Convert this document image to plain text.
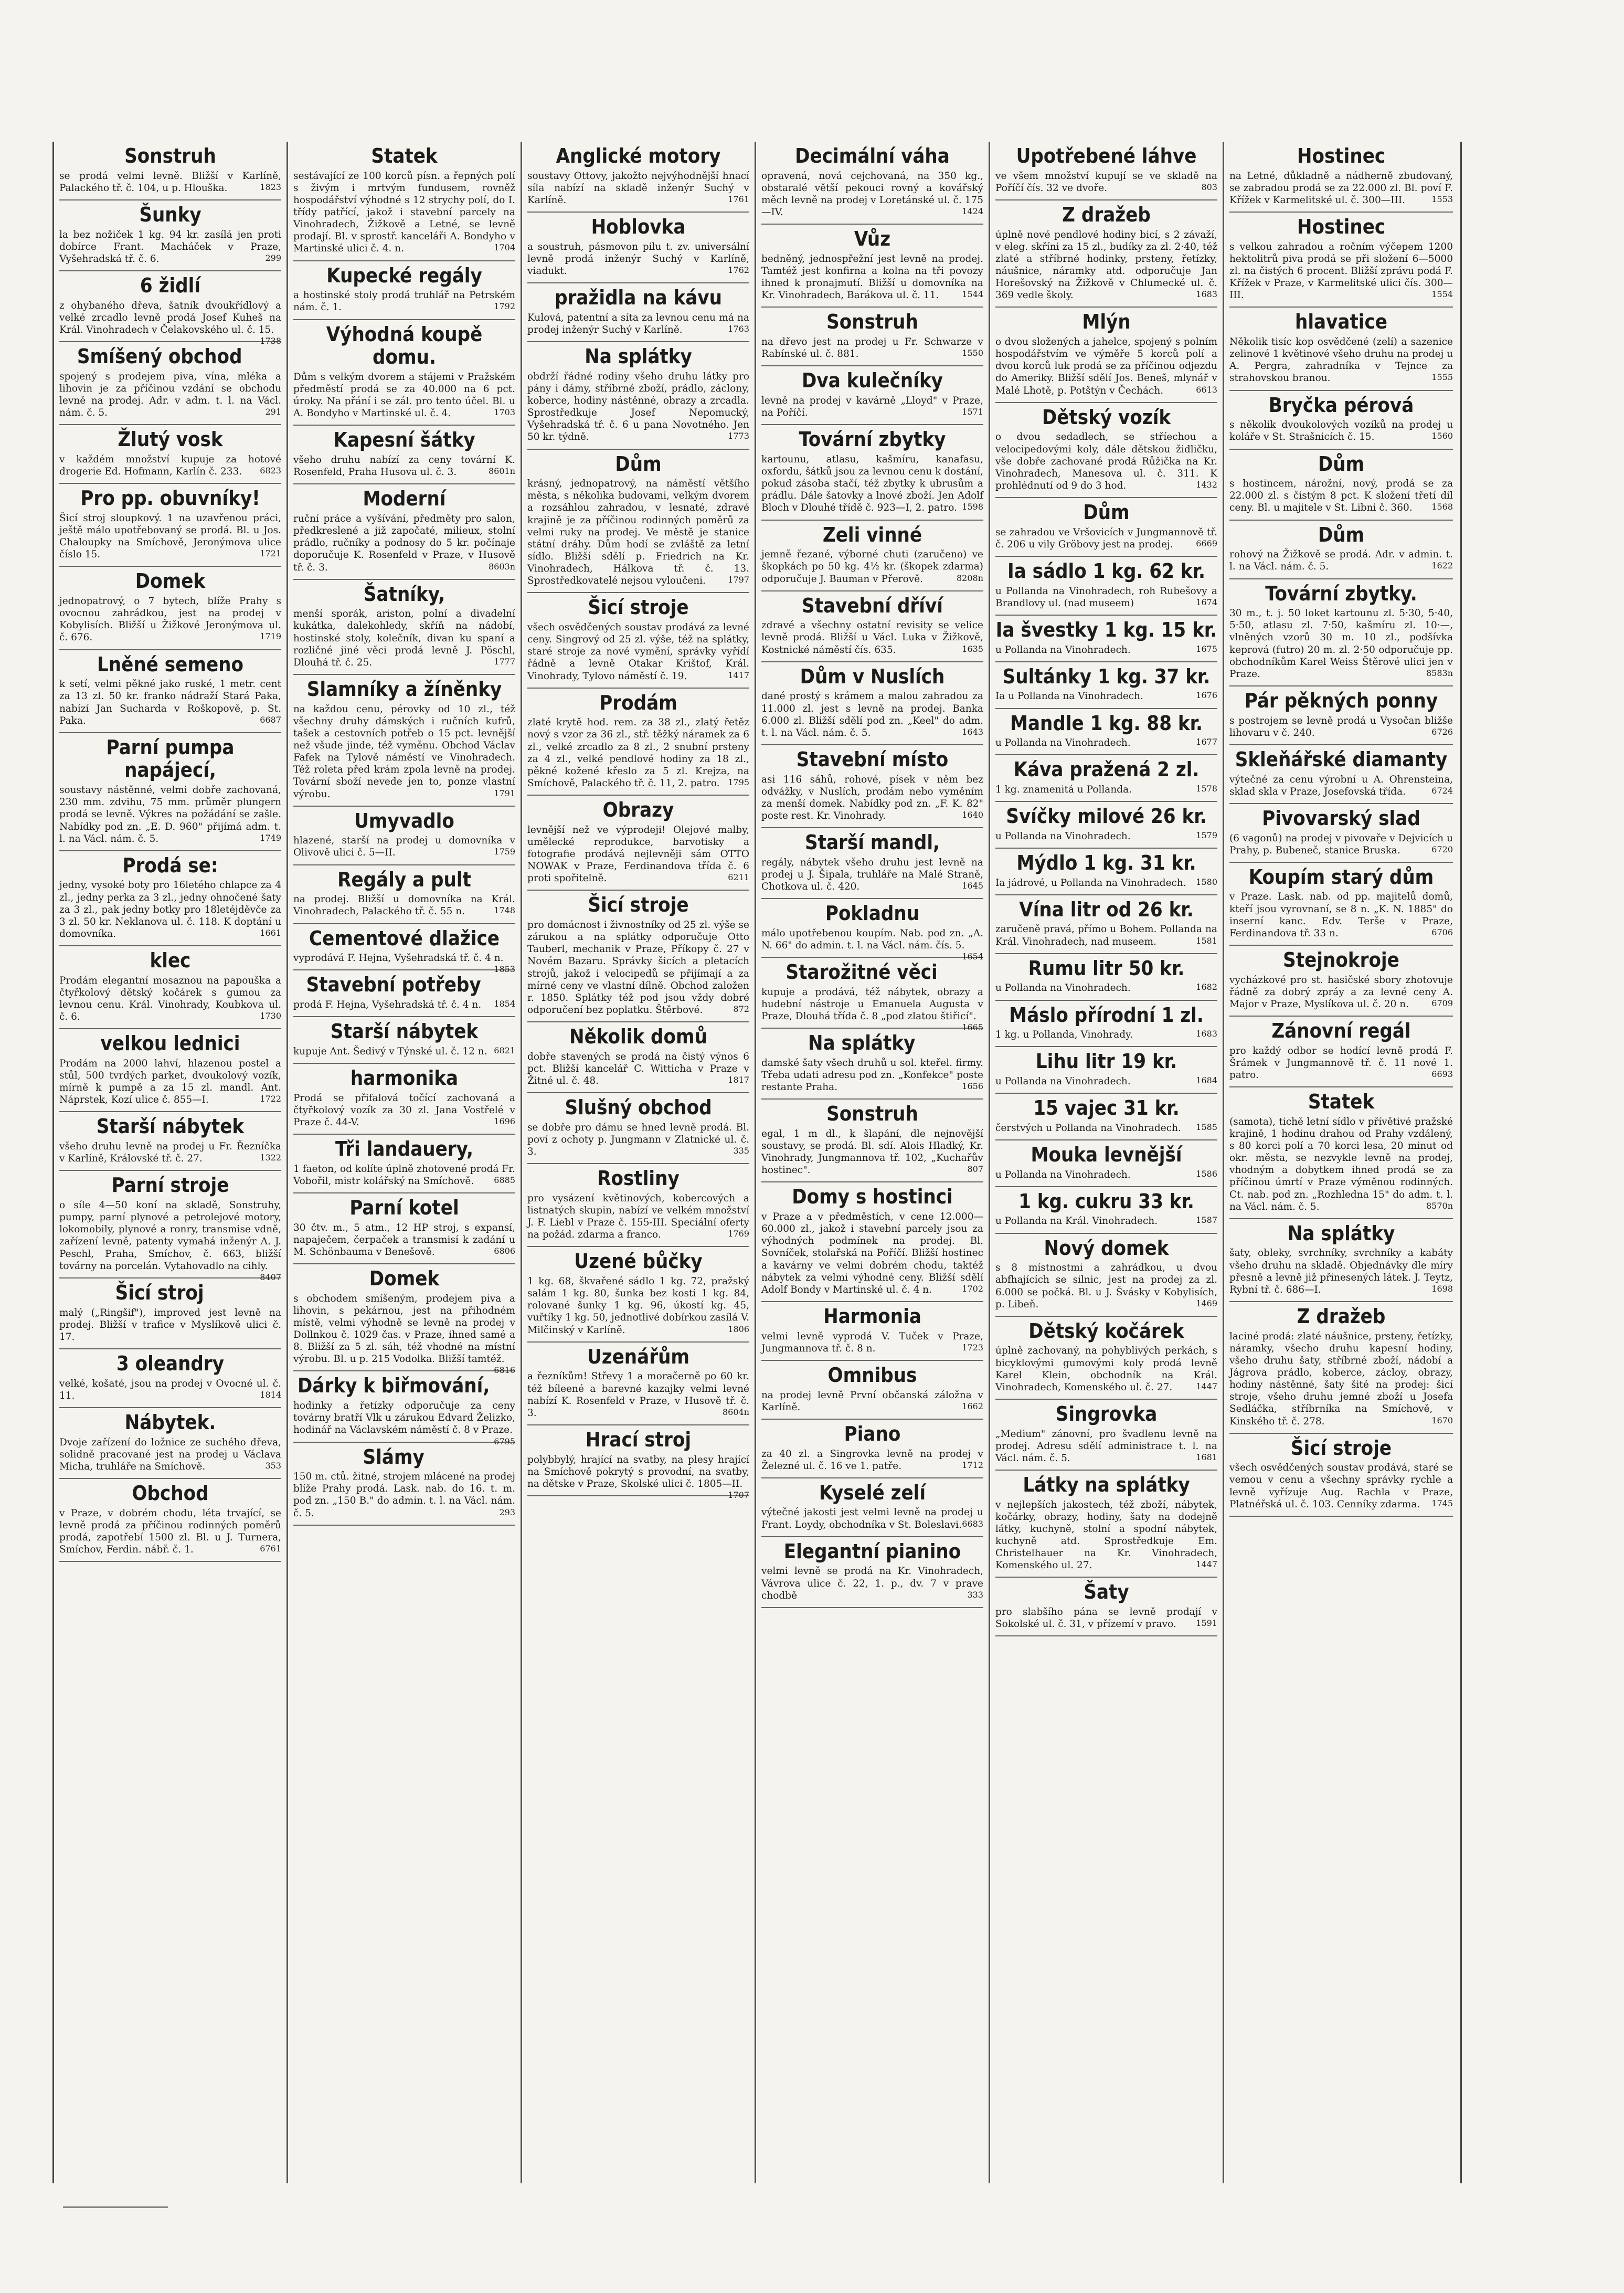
Sonstruh

se prodá velmi levně. Bližší v Karlíně, Palackého tř. č. 104, u p. Hlouška.	1823

Šunky

la bez nožiček 1 kg. 94 kr. zasílá jen proti dobírce Frant. Macháček v Praze, Vyšehradská tř. č. 6.	299

6 židlí

z ohybaného dřeva, šatník dvoukřídlový a velké zrcadlo levně prodá Josef Kuheš na Král. Vinohradech v Čelakovského ul. č. 15.
1738

Smíšený obchod

spojený s prodejem piva, vína, mléka a lihovin je za příčinou vzdání se obchodu levně na prodej. Adr. v adm. t. l. na Václ. nám. č. 5.	291

Žlutý vosk

v každém množství kupuje za hotové drogerie Ed. Hofmann, Karlín č. 233. 6823

Pro pp. obuvníky!

Šicí stroj sloupkový. 1 na uzavřenou práci, ještě málo upotřebovaný se prodá. Bl. u Jos. Chaloupky na Smíchově, Jeronýmova ulice číslo 15.	1721

Domek

jednopatrový, o 7 bytech, blíže Prahy s ovocnou zahrádkou, jest na prodej v Kobylisích. Bližší u Žižkové Jeronýmova ul. č. 676.	1719

Lněné semeno

k setí, velmi pěkné jako ruské, 1 metr. cent za 13 zl. 50 kr. franko nádraží Stará Paka, nabízí Jan Suchardа v Roškopově, p. St. Paka.	6687

Parní pumpa napájecí,

soustavy nástěnné, velmi dobře zachovaná, 230 mm. zdvihu, 75 mm. průměr plungern prodá se levně. Výkres na požádání se zašle. Nabídky pod zn. „E. D. 960" přijímá adm. t. l. na Václ. nám. č. 5.	1749

Prodá se:

jedny, vysoké boty pro 16letého chlapce za 4 zl., jedny perka za 3 zl., jedny ohnočené šaty za 3 zl., pak jedny botky pro 18letéjděvče za 3 zl. 50 kr. Neklanova ul. č. 118. K doptání u domovníka.	1661

klec

Prodám elegantní mosaznou na papouška a čtyřkolový dětský kočárek s gumou za levnou cenu. Král. Vinohrady, Koubkova ul. č. 6.	1730

velkou lednici

Prodám na 2000 lahví, hlazenou postel a stůl, 500 tvrdých parket, dvoukolový vozík, mírně k pumpě a za 15 zl. mandl. Ant. Náprstek, Kozí ulice č. 855—I.	1722

Starší nábytek

všeho druhu levně na prodej u Fr. Řezníčka v Karlíně, Královské tř. č. 27.	1322

Parní stroje

o síle 4—50 koní na skladě, Sonstruhy, pumpy, parní plynové a petrolejové motory, lokomobily, plynové a ronry, transmise vdně, zařízení levně, patenty vymahá inženýr A. J. Peschl, Praha, Smíchov, č. 663, bližší továrny na porcelán. Vytahovadlo na cihly.
8407

Šicí stroj

malý („Ringšif"), improved jest levně na prodej. Bližší v trafice v Myslíkově ulici č. 17.

3 oleandry

velké, košaté, jsou na prodej v Ovocné ul. č. 11.	1814

Nábytek.

Dvoje zařízení do ložnice ze suchého dřeva, solidně pracované jest na prodej u Václava Micha, truhláře na Smíchově.	353

Obchod

v Praze, v dobrém chodu, léta trvající, se levně prodá za příčinou rodinných poměrů prodá, zapotřebí 1500 zl. Bl. u J. Turnera, Smíchov, Ferdin. nábř. č. 1.	6761

Statek

sestávající ze 100 korců písn. a řepných polí s živým i mrtvým fundusem, rovněž hospodářství výhodné s 12 strychy polí, do I. třídy patřící, jakož i stavební parcely na Vinohradech, Žižkově a Letné, se levně prodají. Bl. v sprostř. kanceláři A. Bondyho v Martinské ulici č. 4. n.	1704

Kupecké regály

a hostinské stoly prodá truhlář na Petrském nám. č. 1.	1792

Výhodná koupě domu.

Dům s velkým dvorem a stájemi v Pražském předměstí prodá se za 40.000 na 6 pct. úroky. Na přání i se zál. pro tento účel. Bl. u A. Bondyho v Martinské ul. č. 4.	1703

Kapesní šátky

všeho druhu nabízí za ceny tovární K. Rosenfeld, Praha Husova ul. č. 3.	8601n

Moderní

ruční práce a vyšívání, předměty pro salon, předkreslené a již započaté, milieux, stolní prádlo, ručníky a podnosy do 5 kr. počínaje doporučuje K. Rosenfeld v Praze, v Husově tř. č. 3.	8603n

Šatníky,

menší sporák, ariston, polní a divadelní kukátka, dalekohledy, skříň na nádobí, hostinské stoly, kolečník, divan ku spaní a rozličné jiné věci prodá levně J. Pöschl, Dlouhá tř. č. 25.	1777

Slamníky a žíněnky

na každou cenu, pérovky od 10 zl., též všechny druhy dámských i ručních kufrů, tašek a cestovních potřeb o 15 pct. levnější než všude jinde, též vyměnu. Obchod Václav Fafek na Tylově náměstí ve Vinohradech. Též roleta před krám zpola levně na prodej. Tovární sboží nevede jen to, ponze vlastní výrobu.	1791

Umyvadlo

hlazené, starší na prodej u domovníka v Olivově ulici č. 5—II.	1759

Regály a pult

na prodej. Bližší u domovníka na Král. Vinohradech, Palackého tř. č. 55 n.	1748

Cementové dlažice

vyprodává F. Hejna, Vyšehradská tř. č. 4 n.
1853

Stavební potřeby

prodá F. Hejna, Vyšehradská tř. č. 4 n. 1854

Starší nábytek

kupuje Ant. Šedivý v Týnské ul. č. 12 n. 6821

harmonika

Prodá se přifalová točící zachovaná a čtyřkolový vozík za 30 zl. Jana Vostřelé v Praze č. 44-V.	1696

Tři landauery,

1 faeton, od kolíte úplně zhotovené prodá Fr. Vobořil, mistr kolářský na Smíchově. 6885

Parní kotel

30 čtv. m., 5 atm., 12 HP stroj, s expansí, napaječem, čerpaček a transmisí k zadání u M. Schönbauma v Benešově.	6806

Domek

s obchodem smíšeným, prodejem piva a lihovin, s pekárnou, jest na přihodném místě, velmi výhodně se levně na prodej v Dollnkou č. 1029 čas. v Praze, ihned samé a 8. Bližší za 5 zl. sáh, též vhodné na místní výrobu. Bl. u p. 215 Vodolka. Bližší tamtéž.
6816

Dárky k biřmování,

hodinky a řetízky odporučuje za ceny továrny bratří Vlk u zárukou Edvard Želizko, hodinář na Václavském náměstí č. 8 v Praze.
6795

Slámy

150 m. ctů. žitné, strojem mlácené na prodej blíže Prahy prodá. Lask. nab. do 16. t. m. pod zn. „150 B." do admin. t. l. na Václ. nám. č. 5.	293

Anglické motory

soustavy Ottovy, jakožto nejvýhodnější hnací síla nabízí na skladě inženýr Suchý v Karlíně.	1761

Hoblovka

a soustruh, pásmovon pilu t. zv. universální levně prodá inženýr Suchý v Karlíně, viadukt.	1762

pražidla na kávu

Kulová, patentní a síta za levnou cenu má na prodej inženýr Suchý v Karlíně.	1763

Na splátky

obdrží řádné rodiny všeho druhu látky pro pány i dámy, stříbrné zboží, prádlo, záclony, koberce, hodiny nástěnné, obrazy a zrcadla. Sprostředkuje Josef Nepomucký, Vyšehradská tř. č. 6 u pana Novotného. Jen 50 kr. týdně.	1773

Dům

krásný, jednopatrový, na náměstí většího města, s několika budovami, velkým dvorem a rozsáhlou zahradou, v lesnaté, zdravé krajině je za příčinou rodinných poměrů za velmi ruky na prodej. Ve městě je stanice státní dráhy. Dům hodí se zvláště za letní sídlo. Bližší sdělí p. Friedrich na Kr. Vinohradech, Hálkova tř. č. 13. Sprostředkovatelé nejsou vyloučeni.	1797

Šicí stroje

všech osvědčených soustav prodává za levné ceny. Singrový od 25 zl. výše, též na splátky, staré stroje za nové vymění, správky vyřídí řádně a levně Otakar Krištof, Král. Vinohrady, Tylovo náměstí č. 19.	1417

Prodám

zlaté krytě hod. rem. za 38 zl., zlatý řetěz nový s vzor za 36 zl., stř. těžký náramek za 6 zl., velké zrcadlo za 8 zl., 2 snubní prsteny za 4 zl., velké pendlové hodiny za 18 zl., pěkné kožené křeslo za 5 zl. Krejza, na Smíchově, Palackého tř. č. 11, 2. patro. 1795

Obrazy

levnější než ve výprodeji! Olejové malby, umělecké reprodukce, barvotisky a fotografie prodává nejlevněji sám OTTO NOWAK v Praze, Ferdinandova třída č. 6 proti spořitelně.	6211

Šicí stroje

pro domácnost i živnostníky od 25 zl. výše se zárukou a na splátky odporučuje Otto Tauberl, mechanik v Praze, Příkopy č. 27 v Novém Bazaru. Správky šicích a pletacích strojů, jakož i velocipedů se přijímají a za mírné ceny ve vlastní dílně. Obchod založen r. 1850. Splátky též pod jsou vždy dobré odporučení bez poplatku. Štěrbové.	872

Několik domů

dobře stavených se prodá na čistý výnos 6 pct. Bližší kancelář C. Witticha v Praze v Žitné ul. č. 48.	1817

Slušný obchod

se dobře pro dámu se hned levně prodá. Bl. poví z ochoty p. Jungmann v Zlatnické ul. č. 3.	335

Rostliny

pro vysázení květinových, kobercových a listnatých skupin, nabízí ve velkém množství J. F. Liebl v Praze č. 155-III. Speciální oferty na požád. zdarma a franco.	1769

Uzené bůčky

1 kg. 68, škvařené sádlo 1 kg. 72, pražský salám 1 kg. 80, šunka bez kosti 1 kg. 84, rolované šunky 1 kg. 96, úkostí kg. 45, vuřtíky 1 kg. 50, jednotlivé dobírkou zasílá V. Milčinský v Karlíně.	1806

Uzenářům

a řezníkům! Střevy 1 a moračerně po 60 kr. též bíleené a barevné kazajky velmi levné nabízí K. Rosenfeld v Praze, v Husově tř. č. 3.	8604n

Hrací stroj

polybbylý, hrající na svatby, na plesy hrající na Smíchově pokrytý s provodní, na svatby, na dětske v Praze, Skolské ulici č. 1805—II.
1707

Decimální váha

opravená, nová cejchovaná, na 350 kg., obstaralé větší pekouci rovný a kovářský měch levně na prodej v Loretánské ul. č. 175—IV.	1424

Vůz

bedněný, jednospřežní jest levně na prodej. Tamtéž jest konfirna a kolna na tři povozy ihned k pronajmutí. Bližší u domovníka na Kr. Vinohradech, Barákova ul. č. 11.	1544

Sonstruh

na dřevo jest na prodej u Fr. Schwarze v Rabínské ul. č. 881.	1550

Dva kulečníky

levně na prodej v kavárně „Lloyd" v Praze, na Poříčí.	1571

Tovární zbytky

kartounu, atlasu, kašmíru, kanafasu, oxfordu, šátků jsou za levnou cenu k dostání, pokud zásoba stačí, též zbytky k ubrusům a prádlu. Dále šatovky a lnové zboží. Jen Adolf Bloch v Dlouhé třídě č. 923—I, 2. patro. 1598

Zeli vinné

jemně řezané, výborné chuti (zaručeno) ve škopkách po 50 kg. 4½ kr. (škopek zdarma) odporučuje J. Bauman v Přerově.	8208n

Stavební dříví

zdravé a všechny ostatní revisity se velice levně prodá. Bližší u Václ. Luka v Žižkově, Kostnické náměstí čís. 635.	1635

Dům v Nuslích

dané prostý s krámem a malou zahradou za 11.000 zl. jest s levně na prodej. Banka 6.000 zl. Bližší sdělí pod zn. „Keel" do adm. t. l. na Václ. nám. č. 5.	1643

Stavební místo

asi 116 sáhů, rohové, písek v něm bez odvážky, v Nuslích, prodám nebo vyměním za menší domek. Nabídky pod zn. „F. K. 82" poste rest. Kr. Vinohrady.	1640

Starší mandl,

regály, nábytek všeho druhu jest levně na prodej u J. Šipala, truhláře na Malé Straně, Chotkova ul. č. 420.	1645

Pokladnu

málo upotřebenou koupím. Nab. pod zn. „A. N. 66" do admin. t. l. na Václ. nám. čís. 5.
1654

Starožitné věci

kupuje a prodává, též nábytek, obrazy a hudební nástroje u Emanuela Augusta v Praze, Dlouhá třída č. 8 „pod zlatou štiřicí".
1665

Na splátky

damské šaty všech druhů u sol. kteřel. firmy. Třeba udati adresu pod zn. „Konfekce" poste restante Praha.	1656

Sonstruh

egal, 1 m dl., k šlapání, dle nejnovější soustavy, se prodá. Bl. sdí. Alois Hladký, Kr. Vinohrady, Jungmannova tř. 102, „Kuchařův hostinec".	807

Domy s hostinci

v Praze a v předměstích, v cene 12.000—60.000 zl., jakož i stavební parcely jsou za výhodných podmínek na prodej. Bl. Sovníček, stolařská na Poříčí. Bližší hostinec a kavárny ve velmi dobrém chodu, taktéž nábytek za velmi výhodné ceny. Bližší sdělí Adolf Bondy v Martinské ul. č. 4 n.	1702

Harmonia

velmi levně vyprodá V. Tuček v Praze, Jungmannova tř. č. 8 n.	1723

Omnibus

na prodej levně První občanská záložna v Karlíně.	1662

Piano

za 40 zl. a Singrovka levně na prodej v Železné ul. č. 16 ve 1. patře.	1712

Kyselé zelí

výtečné jakosti jest velmi levně na prodej u Frant. Loydy, obchodníka v St. Boleslavi. 6683

Elegantní pianino

velmi levně se prodá na Kr. Vinohradech, Vávrova ulice č. 22, 1. p., dv. 7 v prave chodbě	333

Upotřebené láhve

ve všem množství kupují se ve skladě na Poříčí čís. 32 ve dvoře.	803

Z dražeb

úplně nové pendlové hodiny bicí, s 2 závaží, v eleg. skříni za 15 zl., budíky za zl. 2·40, též zlaté a stříbrné hodinky, prsteny, řetízky, náušnice, náramky atd. odporučuje Jan Horešovský na Žižkově v Chlumecké ul. č. 369 vedle školy.	1683

Mlýn

o dvou složených a jahelce, spojený s polním hospodářstvím ve výměře 5 korců polí a dvou korců luk prodá se za příčinou odjezdu do Ameriky. Bližší sdělí Jos. Beneš, mlynář v Malé Lhotě, p. Potštýn v Čechách.	6613

Dětský vozík

o dvou sedadlech, se stříechou a velocipedovými koly, dále dětskou židličku, vše dobře zachované prodá Růžička na Kr. Vinohradech, Manesova ul. č. 311. K prohlédnutí od 9 do 3 hod.	1432

Dům

se zahradou ve Vršovicích v Jungmannově tř. č. 206 u vily Gröbovy jest na prodej.	6669

Ia sádlo 1 kg. 62 kr.

u Pollanda na Vinohradech, roh Rubešovy a Brandlovy ul. (nad museem)	1674

Ia švestky 1 kg. 15 kr.

u Pollanda na Vinohradech.	1675

Sultánky 1 kg. 37 kr.

Ia u Pollanda na Vinohradech.	1676

Mandle 1 kg. 88 kr.

u Pollanda na Vinohradech.	1677

Káva pražená 2 zl.

1 kg. znamenitá u Pollanda.	1578

Svíčky milové 26 kr.

u Pollanda na Vinohradech.	1579

Mýdlo 1 kg. 31 kr.

Ia jádrové, u Pollanda na Vinohradech. 1580

Vína litr od 26 kr.

zaručeně pravá, přímo u Bohem. Pollanda na Král. Vinohradech, nad museem.	1581

Rumu litr 50 kr.

u Pollanda na Vinohradech.	1682

Máslo přírodní 1 zl.

1 kg. u Pollanda, Vinohrady.	1683

Lihu litr 19 kr.

u Pollanda na Vinohradech.	1684

15 vajec 31 kr.

čerstvých u Pollanda na Vinohradech. 1585

Mouka levnější

u Pollanda na Vinohradech.	1586

1 kg. cukru 33 kr.

u Pollanda na Král. Vinohradech.	1587

Nový domek

s 8 místnostmi a zahrádkou, u dvou abfhajících se silnic, jest na prodej za zl. 6.000 se počká. Bl. u J. Švásky v Kobylisích, p. Libeň.	1469

Dětský kočárek

úplně zachovaný, na pohyblivých perkách, s bicyklovými gumovými koly prodá levně Karel Klein, obchodník na Král. Vinohradech, Komenského ul. č. 27.	1447

Singrovka

„Medium" zánovní, pro švadlenu levně na prodej. Adresu sdělí administrace t. l. na Václ. nám. č. 5.	1681

Látky na splátky

v nejlepších jakostech, též zboží, nábytek, kočárky, obrazy, hodiny, šaty na dodejně látky, kuchyně, stolní a spodní nábytek, kuchyně atd. Sprostředkuje Em. Christelhauer na Kr. Vinohradech, Komenského ul. 27.	1447

Šaty

pro slabšího pána se levně prodají v Sokolské ul. č. 31, v přízemí v pravo. 1591

Hostinec

na Letné, důkladně a nádherně zbudovaný, se zabradou prodá se za 22.000 zl. Bl. poví F. Křížek v Karmelitské ul. č. 300—III.	1553

Hostinec

s velkou zahradou a ročním výčepem 1200 hektolitrů piva prodá se při složení 6—5000 zl. na čistých 6 procent. Bližší zprávu podá F. Křížek v Praze, v Karmelitské ulici čís. 300—III.	1554

hlavatice

Několik tisíc kop osvědčené (zelí) a sazenice zelinové 1 květinové všeho druhu na prodej u A. Pergra, zahradníka v Tejnce za strahovskou branou.	1555

Bryčka pérová

s několik dvoukolových vozíků na prodej u koláře v St. Strašnicích č. 15.	1560

Dům

s hostincem, nárožní, nový, prodá se za 22.000 zl. s čistým 8 pct. K složení třetí díl ceny. Bl. u majitele v St. Libni č. 360. 1568

Dům

rohový na Žižkově se prodá. Adr. v admin. t. l. na Václ. nám. č. 5.	1622

Tovární zbytky.

30 m., t. j. 50 loket kartounu zl. 5·30, 5·40, 5·50, atlasu zl. 7·50, kašmíru zl. 10·—, vlněných vzorů 30 m. 10 zl., podšívka keprová (futro) 20 m. zl. 2·50 odporučuje pp. obchodníkům Karel Weiss Štěrové ulici jen v Praze.	8583n

Pár pěkných ponny

s postrojem se levně prodá u Vysočan bližše lihovaru v č. 240.	6726

Skleňářské diamanty

výtečné za cenu výrobní u A. Ohrensteina, sklad skla v Praze, Josefovská třída.	6724

Pivovarský slad

(6 vagonů) na prodej v pivovaře v Dejvicích u Prahy, p. Bubeneč, stanice Bruska.	6720

Koupím starý dům

v Praze. Lask. nab. od pp. majitelů domů, kteří jsou vyrovnaní, se 8 n. „K. N. 1885" do inserní kanc. Edv. Terše v Praze, Ferdinandova tř. 33 n.	6706

Stejnokroje

vycházkové pro st. hasičské sbory zhotovuje řádně za dobrý zpráy a za levné ceny A. Major v Praze, Myslíkova ul. č. 20 n.	6709

Zánovní regál

pro každý odbor se hodící levně prodá F. Šrámek v Jungmannově tř. č. 11 nové 1. patro.	6693

Statek

(samota), tichě letní sídlo v přívětivé pražské krajině, 1 hodinu drahou od Prahy vzdálený, s 80 korci polí a 70 korci lesa, 20 minut od okr. města, se nezvykle levně na prodej, vhodným a dobytkem ihned prodá se za příčinou úmrtí v Praze výměnou rodinných. Ct. nab. pod zn. „Rozhledna 15" do adm. t. l. na Václ. nám. č. 5.	8570n

Na splátky

šaty, obleky, svrchníky, svrchníky a kabáty všeho druhu na skladě. Objednávky dle míry přesně a levně již přinesených látek. J. Teytz, Rybní tř. č. 686—I.	1698

Z dražeb

laciné prodá: zlaté náušnice, prsteny, řetízky, náramky, všecho druhu kapesní hodiny, všeho druhu šaty, stříbrné zboží, nádobí a Jágrova prádlo, koberce, zácloy, obrazy, hodiny nástěnné, šaty šité na prodej: šicí stroje, všeho druhu jemné zboží u Josefa Sedláčka, stříbrníka na Smíchově, v Kinského tř. č. 278.	1670

Šicí stroje

všech osvědčených soustav prodává, staré se vemou v cenu a všechny správky rychle a levně vyřízuje Aug. Rachla v Praze, Platnéřská ul. č. 103. Cenníky zdarma. 1745
